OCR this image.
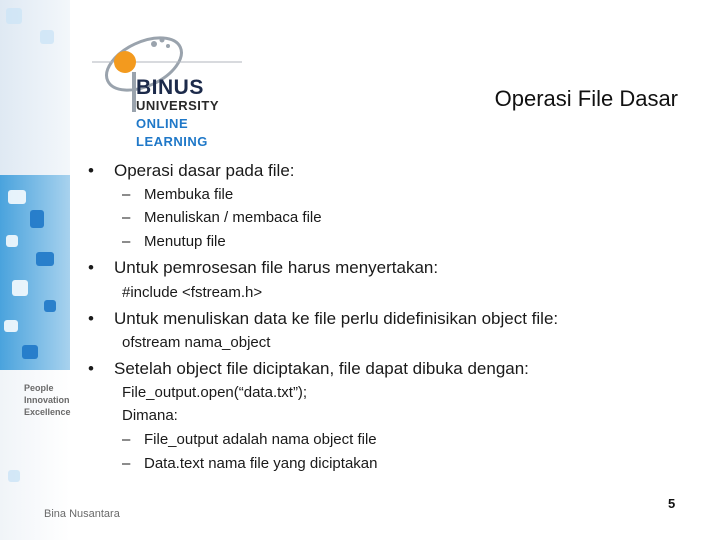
People
Innovation
Excellence
BINUS
UNIVERSITY
ONLINE
LEARNING
Operasi File Dasar
• Operasi dasar pada file:
– Membuka file
– Menuliskan / membaca file
– Menutup file
• Untuk pemrosesan file harus menyertakan:
#include <fstream.h>
• Untuk menuliskan data ke file perlu didefinisikan object file:
ofstream nama_object
• Setelah object file diciptakan, file dapat dibuka dengan:
File_output.open(“data.txt”);
Dimana:
– File_output adalah nama object file
– Data.text nama file yang diciptakan
Bina Nusantara
5
